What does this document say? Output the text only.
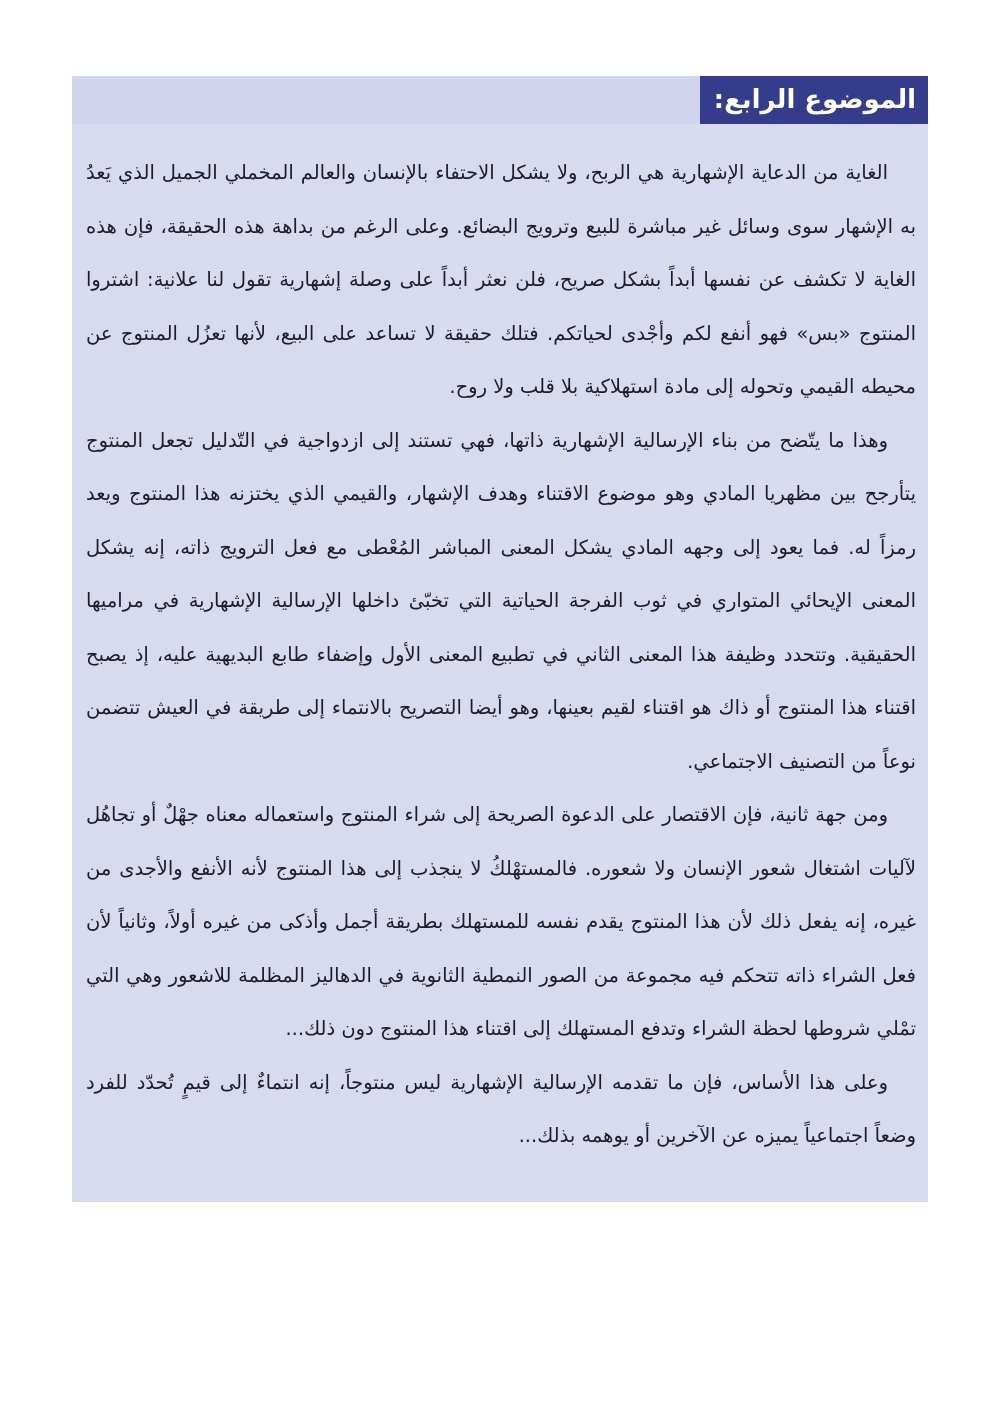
الموضوع الرابع:

الغاية من الدعاية الإشهارية هي الربح، ولا يشكل الاحتفاء بالإنسان والعالم المخملي الجميل الذي يَعدُ به الإشهار سوى وسائل غير مباشرة للبيع وترويج البضائع. وعلى الرغم من بداهة هذه الحقيقة، فإن هذه الغاية لا تكشف عن نفسها أبداً بشكل صريح، فلن نعثر أبداً على وصلة إشهارية تقول لنا علانية: اشتروا المنتوج «بس» فهو أنفع لكم وأجْدى لحياتكم. فتلك حقيقة لا تساعد على البيع، لأنها تعزُل المنتوج عن محيطه القيمي وتحوله إلى مادة استهلاكية بلا قلب ولا روح.

وهذا ما يتّضح من بناء الإرسالية الإشهارية ذاتها، فهي تستند إلى ازدواجية في التّدليل تجعل المنتوج يتأرجح بين مظهريا المادي وهو موضوع الاقتناء وهدف الإشهار، والقيمي الذي يختزنه هذا المنتوج ويعد رمزاً له. فما يعود إلى وجهه المادي يشكل المعنى المباشر المُعْطى مع فعل الترويج ذاته، إنه يشكل المعنى الإيحائي المتواري في ثوب الفرجة الحياتية التي تخبّئ داخلها الإرسالية الإشهارية في مراميها الحقيقية. وتتحدد وظيفة هذا المعنى الثاني في تطبيع المعنى الأول وإضفاء طابع البديهية عليه، إذ يصبح اقتناء هذا المنتوج أو ذاك هو اقتناء لقيم بعينها، وهو أيضا التصريح بالانتماء إلى طريقة في العيش تتضمن نوعاً من التصنيف الاجتماعي.

ومن جهة ثانية، فإن الاقتصار على الدعوة الصريحة إلى شراء المنتوج واستعماله معناه جهْلٌ أو تجاهُل لآليات اشتغال شعور الإنسان ولا شعوره. فالمستهْلكُ لا ينجذب إلى هذا المنتوج لأنه الأنفع والأجدى من غيره، إنه يفعل ذلك لأن هذا المنتوج يقدم نفسه للمستهلك بطريقة أجمل وأذكى من غيره أولاً، وثانياً لأن فعل الشراء ذاته تتحكم فيه مجموعة من الصور النمطية الثانوية في الدهاليز المظلمة للاشعور وهي التي تمْلي شروطها لحظة الشراء وتدفع المستهلك إلى اقتناء هذا المنتوج دون ذلك...

وعلى هذا الأساس، فإن ما تقدمه الإرسالية الإشهارية ليس منتوجاً، إنه انتماءٌ إلى قيمٍ تُحدّد للفرد وضعاً اجتماعياً يميزه عن الآخرين أو يوهمه بذلك...
